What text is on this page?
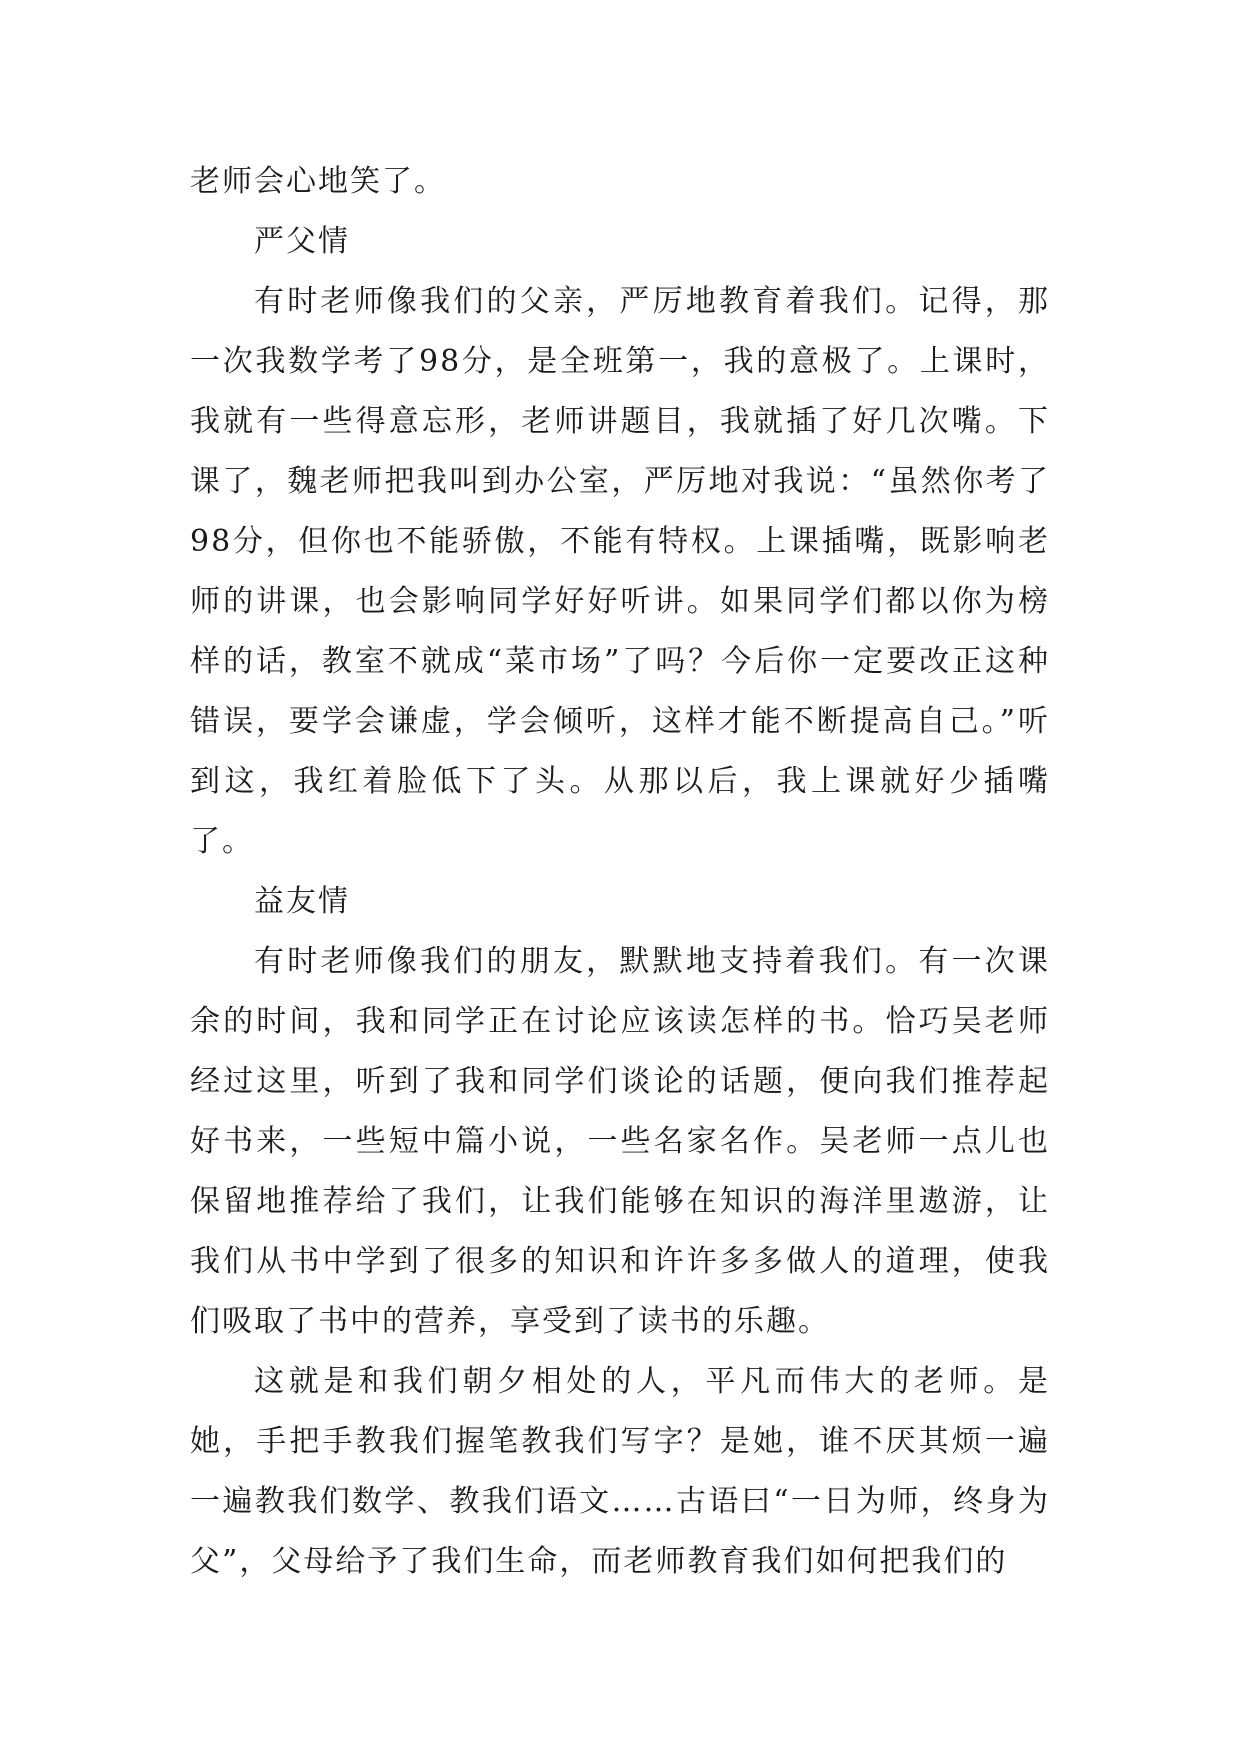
老师会心地笑了。

严父情

有时老师像我们的父亲，严厉地教育着我们。记得，那一次我数学考了98分，是全班第一，我的意极了。上课时，我就有一些得意忘形，老师讲题目，我就插了好几次嘴。下课了，魏老师把我叫到办公室，严厉地对我说：“虽然你考了98分，但你也不能骄傲，不能有特权。上课插嘴，既影响老师的讲课，也会影响同学好好听讲。如果同学们都以你为榜样的话，教室不就成“菜市场”了吗？今后你一定要改正这种错误，要学会谦虚，学会倾听，这样才能不断提高自己。”听到这，我红着脸低下了头。从那以后，我上课就好少插嘴了。

益友情

有时老师像我们的朋友，默默地支持着我们。有一次课余的时间，我和同学正在讨论应该读怎样的书。恰巧吴老师经过这里，听到了我和同学们谈论的话题，便向我们推荐起好书来，一些短中篇小说，一些名家名作。吴老师一点儿也保留地推荐给了我们，让我们能够在知识的海洋里遨游，让我们从书中学到了很多的知识和许许多多做人的道理，使我们吸取了书中的营养，享受到了读书的乐趣。

这就是和我们朝夕相处的人，平凡而伟大的老师。是她，手把手教我们握笔教我们写字？是她，谁不厌其烦一遍一遍教我们数学、教我们语文……古语曰“一日为师，终身为父”，父母给予了我们生命，而老师教育我们如何把我们的
